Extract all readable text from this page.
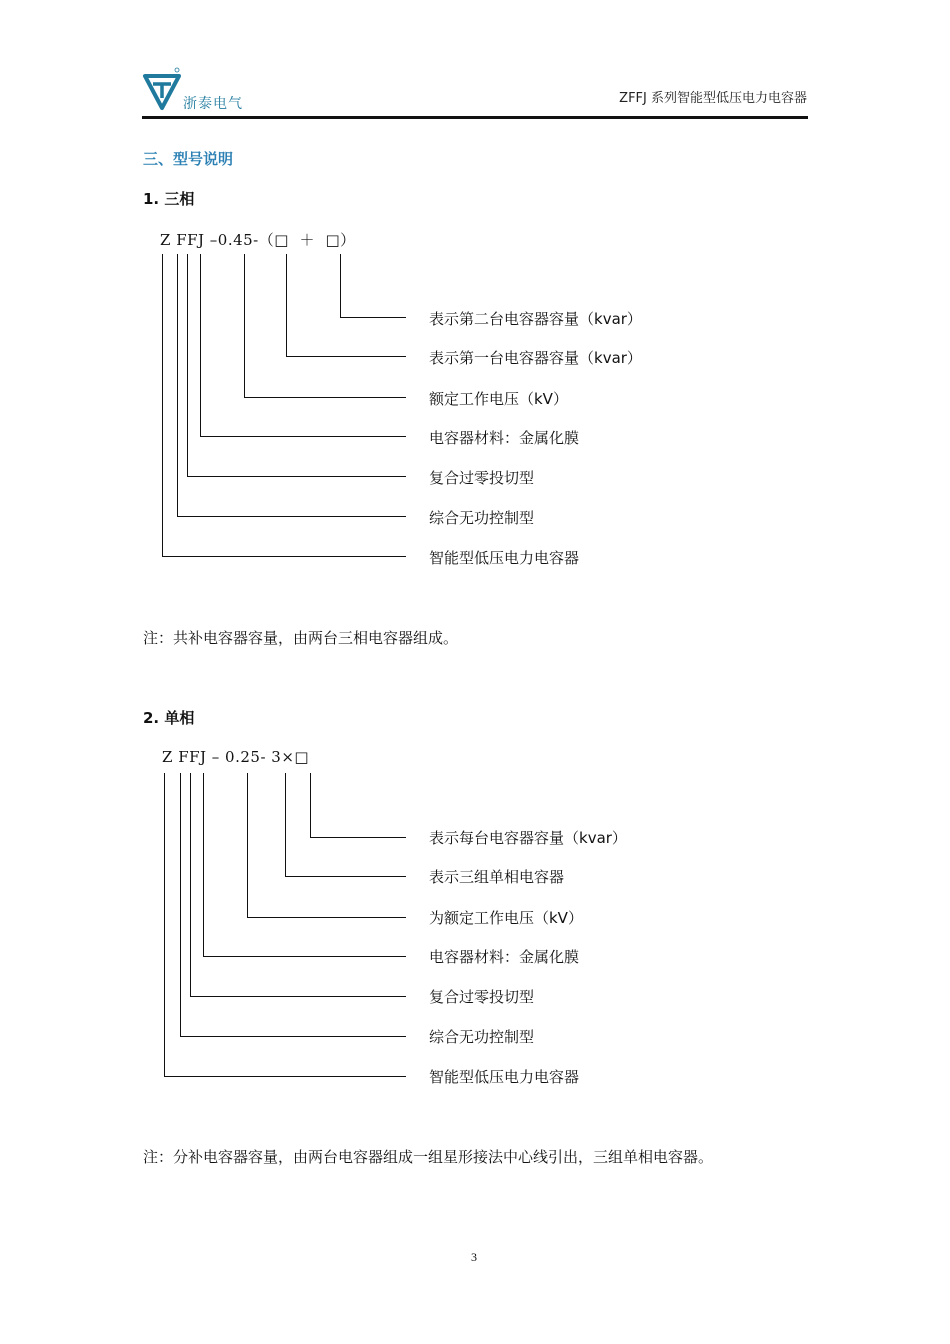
浙泰电气	ZFFJ 系列智能型低压电力电容器
三、型号说明
1. 三相
Z FFJ –0.45-（□  ＋  □）
表示第二台电容器容量（kvar）
表示第一台电容器容量（kvar）
额定工作电压（kV）
电容器材料：金属化膜
复合过零投切型
综合无功控制型
智能型低压电力电容器
注：共补电容器容量，由两台三相电容器组成。
2. 单相
Z FFJ – 0.25- 3×□
表示每台电容器容量（kvar）
表示三组单相电容器
为额定工作电压（kV）
电容器材料：金属化膜
复合过零投切型
综合无功控制型
智能型低压电力电容器
注：分补电容器容量，由两台电容器组成一组星形接法中心线引出，三组单相电容器。
3
